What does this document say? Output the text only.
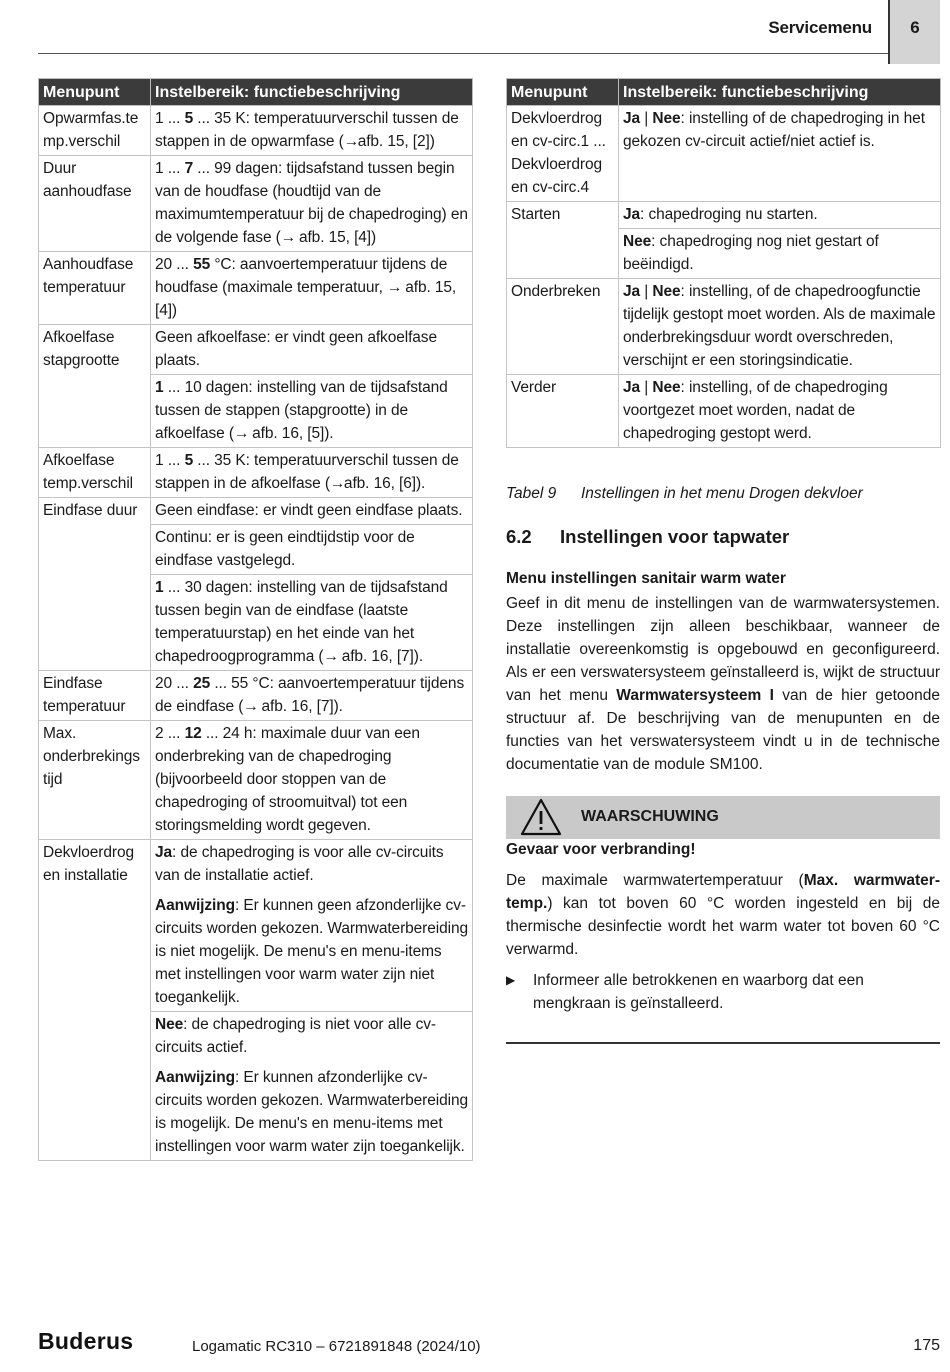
Servicemenu	6
Menupunt	Instelbereik: functiebeschrijving
Opwarmfas.te mp.verschil	1 ... 5 ... 35 K: temperatuurverschil tussen de stappen in de opwarmfase (→afb. 15, [2])
Duur aanhoudfase	1 ... 7 ... 99 dagen: tijdsafstand tussen begin van de houdfase (houdtijd van de maximumtemperatuur bij de chapedroging) en de volgende fase (→ afb. 15, [4])
Aanhoudfase temperatuur	20 ... 55 °C: aanvoertemperatuur tijdens de houdfase (maximale temperatuur, → afb. 15, [4])
Afkoelfase stapgrootte	Geen afkoelfase: er vindt geen afkoelfase plaats.
	1 ... 10 dagen: instelling van de tijdsafstand tussen de stappen (stapgrootte) in de afkoelfase (→ afb. 16, [5]).
Afkoelfase temp.verschil	1 ... 5 ... 35 K: temperatuurverschil tussen de stappen in de afkoelfase (→afb. 16, [6]).
Eindfase duur	Geen eindfase: er vindt geen eindfase plaats.
	Continu: er is geen eindtijdstip voor de eindfase vastgelegd.
	1 ... 30 dagen: instelling van de tijdsafstand tussen begin van de eindfase (laatste temperatuurstap) en het einde van het chapedroogprogramma (→ afb. 16, [7]).
Eindfase temperatuur	20 ... 25 ... 55 °C: aanvoertemperatuur tijdens de eindfase (→ afb. 16, [7]).
Max. onderbrekings tijd	2 ... 12 ... 24 h: maximale duur van een onderbreking van de chapedroging (bijvoorbeeld door stoppen van de chapedroging of stroomuitval) tot een storingsmelding wordt gegeven.
Dekvloerdrog en installatie	Ja: de chapedroging is voor alle cv-circuits van de installatie actief.
Aanwijzing: Er kunnen geen afzonderlijke cv-circuits worden gekozen. Warmwaterbereiding is niet mogelijk. De menu's en menu-items met instellingen voor warm water zijn niet toegankelijk.

	Nee: de chapedroging is niet voor alle cv-circuits actief.
Aanwijzing: Er kunnen afzonderlijke cv-circuits worden gekozen. Warmwaterbereiding is mogelijk. De menu's en menu-items met instellingen voor warm water zijn toegankelijk.
Menupunt	Instelbereik: functiebeschrijving
Dekvloerdrog en cv-circ.1 ... Dekvloerdrog en cv-circ.4	Ja | Nee: instelling of de chapedroging in het gekozen cv-circuit actief/niet actief is.
Starten	Ja: chapedroging nu starten.
	Nee: chapedroging nog niet gestart of beëindigd.
Onderbreken	Ja | Nee: instelling, of de chapedroogfunctie tijdelijk gestopt moet worden. Als de maximale onderbrekingsduur wordt overschreden, verschijnt er een storingsindicatie.
Verder	Ja | Nee: instelling, of de chapedroging voortgezet moet worden, nadat de chapedroging gestopt werd.
Tabel 9 Instellingen in het menu Drogen dekvloer
6.2 Instellingen voor tapwater
Menu instellingen sanitair warm water
Geef in dit menu de instellingen van de warmwatersystemen. Deze instellingen zijn alleen beschikbaar, wanneer de installatie overeenkomstig is opgebouwd en geconfigureerd. Als er een verswatersysteem geïnstalleerd is, wijkt de structuur van het menu Warmwatersysteem I van de hier getoonde structuur af. De beschrijving van de menupunten en de functies van het verswatersysteem vindt u in de technische documentatie van de module SM100.
WAARSCHUWING
Gevaar voor verbranding!
De maximale warmwatertemperatuur (Max. warmwater-temp.) kan tot boven 60 °C worden ingesteld en bij de thermische desinfectie wordt het warm water tot boven 60 °C verwarmd.
▶ Informeer alle betrokkenen en waarborg dat een mengkraan is geïnstalleerd.
Buderus	Logamatic RC310 – 6721891848 (2024/10)	175
